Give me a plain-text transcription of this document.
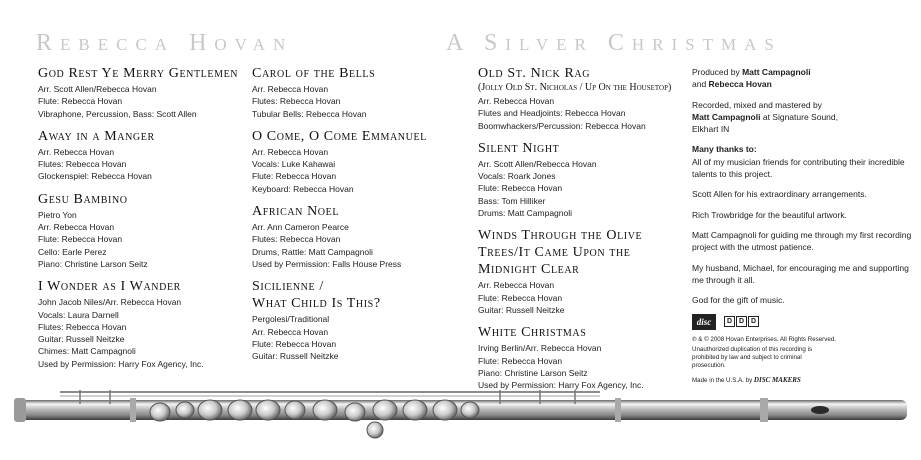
Rebecca Hovan	A Silver Christmas
God Rest Ye Merry Gentlemen
Arr. Scott Allen/Rebecca Hovan
Flute: Rebecca Hovan
Vibraphone, Percussion, Bass: Scott Allen
Away in a Manger
Arr. Rebecca Hovan
Flutes: Rebecca Hovan
Glockenspiel: Rebecca Hovan
Gesu Bambino
Pietro Yon
Arr. Rebecca Hovan
Flute: Rebecca Hovan
Cello: Earle Perez
Piano: Christine Larson Seitz
I Wonder as I Wander
John Jacob Niles/Arr. Rebecca Hovan
Vocals: Laura Darnell
Flutes: Rebecca Hovan
Guitar: Russell Neitzke
Chimes: Matt Campagnoli
Used by Permission: Harry Fox Agency, Inc.
Carol of the Bells
Arr. Rebecca Hovan
Flutes: Rebecca Hovan
Tubular Bells: Rebecca Hovan
O Come, O Come Emmanuel
Arr. Rebecca Hovan
Vocals: Luke Kahawai
Flute: Rebecca Hovan
Keyboard: Rebecca Hovan
African Noel
Arr. Ann Cameron Pearce
Flutes: Rebecca Hovan
Drums, Rattle: Matt Campagnoli
Used by Permission: Falls House Press
Sicilienne /
What Child Is This?
Pergolesi/Traditional
Arr. Rebecca Hovan
Flute: Rebecca Hovan
Guitar: Russell Neitzke
Old St. Nick Rag
(Jolly Old St. Nicholas / Up On the Housetop)
Arr. Rebecca Hovan
Flutes and Headjoints: Rebecca Hovan
Boomwhackers/Percussion: Rebecca Hovan
Silent Night
Arr. Scott Allen/Rebecca Hovan
Vocals: Roark Jones
Flute: Rebecca Hovan
Bass: Tom Hilliker
Drums: Matt Campagnoli
Winds Through the Olive
Trees/It Came Upon the
Midnight Clear
Arr. Rebecca Hovan
Flute: Rebecca Hovan
Guitar: Russell Neitzke
White Christmas
Irving Berlin/Arr. Rebecca Hovan
Flute: Rebecca Hovan
Piano: Christine Larson Seitz
Used by Permission: Harry Fox Agency, Inc.
Produced by Matt Campagnoli
and Rebecca Hovan
Recorded, mixed and mastered by
Matt Campagnoli at Signature Sound,
Elkhart IN
Many thanks to:
All of my musician friends for contributing their incredible talents to this project.
Scott Allen for his extraordinary arrangements.
Rich Trowbridge for the beautiful artwork.
Matt Campagnoli for guiding me through my first recording project with the utmost patience.
My husband, Michael, for encouraging me and supporting me through it all.
God for the gift of music.
disc	D D D
℗ & © 2008 Hovan Enterprises. All Rights Reserved.
Unauthorized duplication of this recording is prohibited by law and subject to criminal prosecution.
Made in the U.S.A. by DISC MAKERS
